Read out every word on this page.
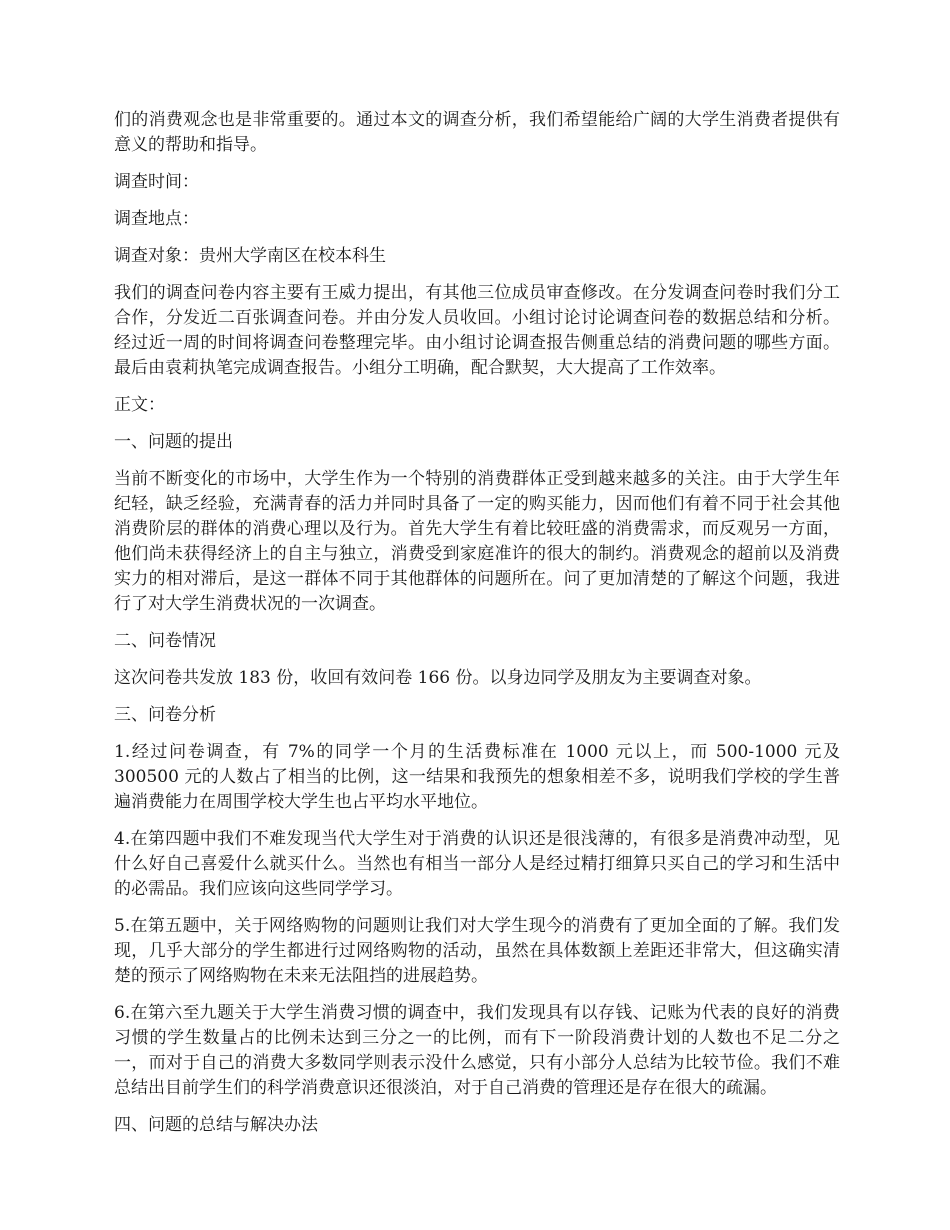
们的消费观念也是非常重要的。通过本文的调查分析，我们希望能给广阔的大学生消费者提供有意义的帮助和指导。

调查时间：

调查地点：

调查对象：贵州大学南区在校本科生

我们的调查问卷内容主要有王威力提出，有其他三位成员审查修改。在分发调查问卷时我们分工合作，分发近二百张调查问卷。并由分发人员收回。小组讨论讨论调查问卷的数据总结和分析。经过近一周的时间将调查问卷整理完毕。由小组讨论调查报告侧重总结的消费问题的哪些方面。最后由袁莉执笔完成调查报告。小组分工明确，配合默契，大大提高了工作效率。

正文：

一、问题的提出

当前不断变化的市场中，大学生作为一个特别的消费群体正受到越来越多的关注。由于大学生年纪轻，缺乏经验，充满青春的活力并同时具备了一定的购买能力，因而他们有着不同于社会其他消费阶层的群体的消费心理以及行为。首先大学生有着比较旺盛的消费需求，而反观另一方面，他们尚未获得经济上的自主与独立，消费受到家庭准许的很大的制约。消费观念的超前以及消费实力的相对滞后，是这一群体不同于其他群体的问题所在。问了更加清楚的了解这个问题，我进行了对大学生消费状况的一次调查。

二、问卷情况

这次问卷共发放 183 份，收回有效问卷 166 份。以身边同学及朋友为主要调查对象。

三、问卷分析

1.经过问卷调查，有 7%的同学一个月的生活费标准在 1000 元以上，而 500-1000 元及 300500 元的人数占了相当的比例，这一结果和我预先的想象相差不多，说明我们学校的学生普遍消费能力在周围学校大学生也占平均水平地位。

4.在第四题中我们不难发现当代大学生对于消费的认识还是很浅薄的，有很多是消费冲动型，见什么好自己喜爱什么就买什么。当然也有相当一部分人是经过精打细算只买自己的学习和生活中的必需品。我们应该向这些同学学习。

5.在第五题中，关于网络购物的问题则让我们对大学生现今的消费有了更加全面的了解。我们发现，几乎大部分的学生都进行过网络购物的活动，虽然在具体数额上差距还非常大，但这确实清楚的预示了网络购物在未来无法阻挡的进展趋势。

6.在第六至九题关于大学生消费习惯的调查中，我们发现具有以存钱、记账为代表的良好的消费习惯的学生数量占的比例未达到三分之一的比例，而有下一阶段消费计划的人数也不足二分之一，而对于自己的消费大多数同学则表示没什么感觉，只有小部分人总结为比较节俭。我们不难总结出目前学生们的科学消费意识还很淡泊，对于自己消费的管理还是存在很大的疏漏。

四、问题的总结与解决办法
